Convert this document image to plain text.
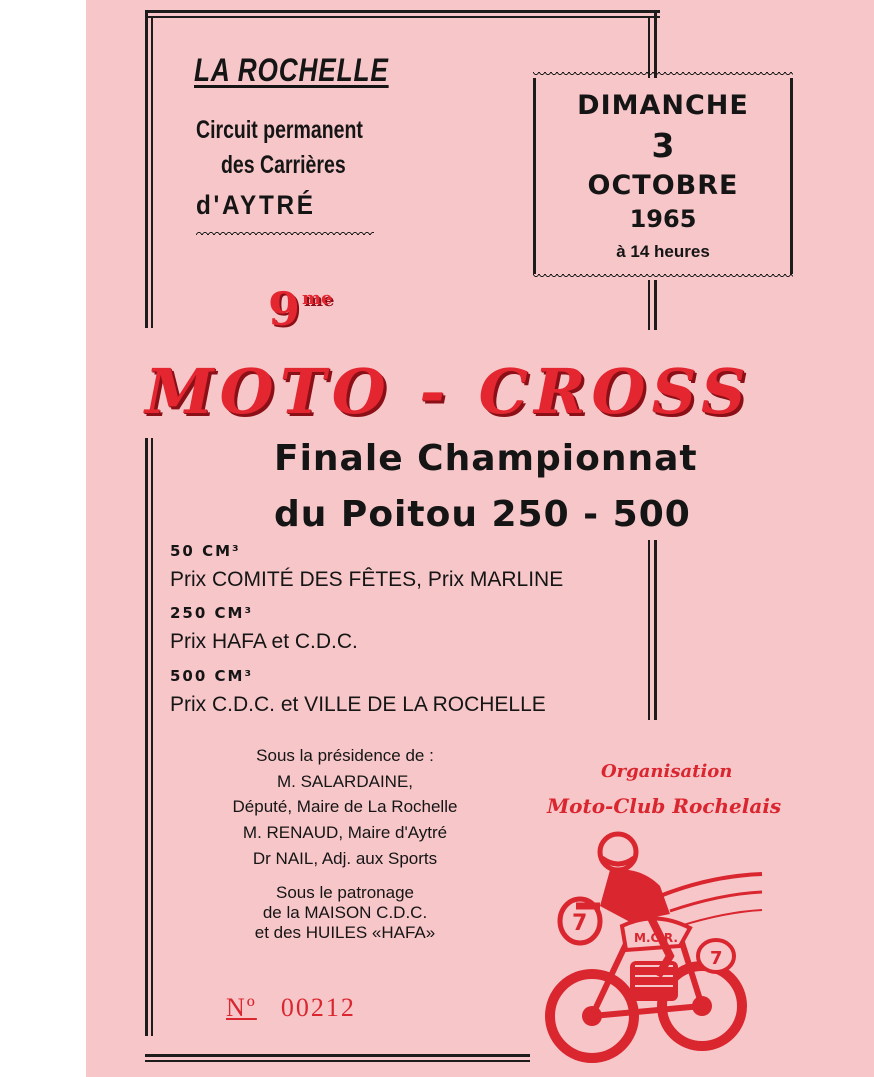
LA ROCHELLE
Circuit permanent
des Carrières
d'AYTRÉ
DIMANCHE
3
OCTOBRE
1965
à 14 heures
9 $^{me}$
MOTO - CROSS
Finale Championnat
du Poitou 250 - 500
50 CM³
Prix COMITÉ DES FÊTES, Prix MARLINE
250 CM³
Prix HAFA et C.D.C.
500 CM³
Prix C.D.C. et VILLE DE LA ROCHELLE
Sous la présidence de :
M. SALARDAINE,
Député, Maire de La Rochelle
M. RENAUD, Maire d'Aytré
Dr NAIL, Adj. aux Sports
Sous le patronage
de la MAISON C.D.C.
et des HUILES «HAFA»
Organisation
Moto-Club Rochelais
M.C.R.
7
7
Nº 00212
